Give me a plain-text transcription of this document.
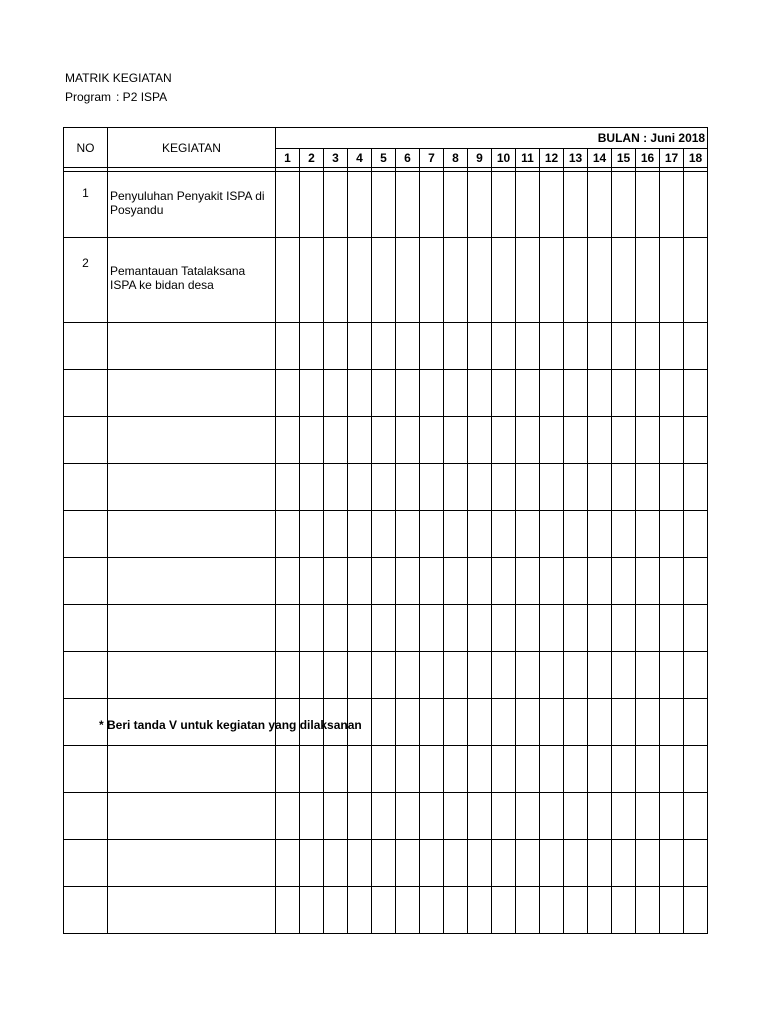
MATRIK KEGIATAN
Program : P2 ISPA
NO	KEGIATAN	BULAN : Juni 2018																	
		1	2	3	4	5	6	7	8	9	10	11	12	13	14	15	16	17	18

1	Penyuluhan Penyakit ISPA di Posyandu																		
2	Pemantauan Tatalaksana ISPA ke bidan desa																		

* Beri tanda V untuk kegiatan yang dilaksanan
